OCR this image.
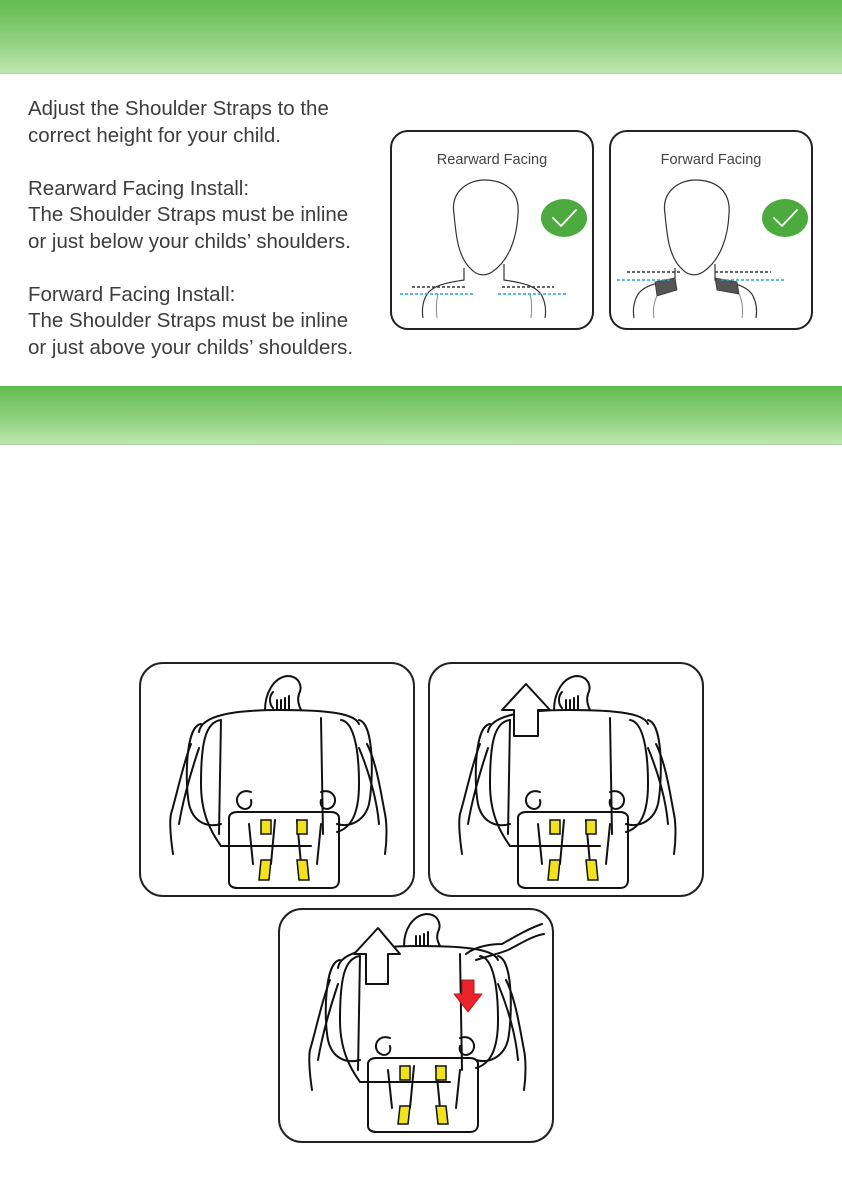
Adjust the Shoulder Straps to the

correct height for your child.

Rearward Facing Install:

The Shoulder Straps must be inline

or just below your childs’ shoulders.

Forward Facing Install:

The Shoulder Straps must be inline

or just above your childs’ shoulders.

Rearward Facing	Forward Facing
